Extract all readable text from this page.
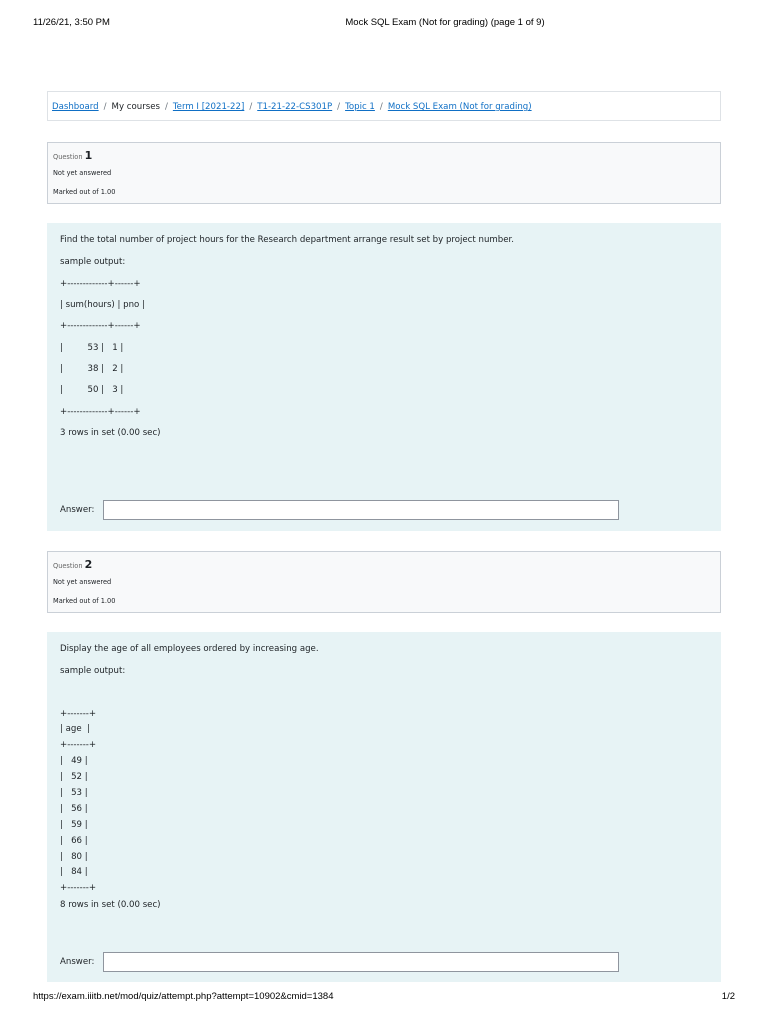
11/26/21, 3:50 PM	Mock SQL Exam (Not for grading) (page 1 of 9)
Dashboard / My courses / Term I [2021-22] / T1-21-22-CS301P / Topic 1 / Mock SQL Exam (Not for grading)
Question 1
Not yet answered
Marked out of 1.00
Find the total number of project hours for the Research department arrange result set by project number.
sample output:
+-------------+------+
| sum(hours) | pno |
+-------------+------+
|         53 |   1 |
|         38 |   2 |
|         50 |   3 |
+-------------+------+
3 rows in set (0.00 sec)
Answer:
Question 2
Not yet answered
Marked out of 1.00
Display the age of all employees ordered by increasing age.
sample output:
+-------+
| age  |
+-------+
|   49 |
|   52 |
|   53 |
|   56 |
|   59 |
|   66 |
|   80 |
|   84 |
+-------+
8 rows in set (0.00 sec)
Answer:
https://exam.iiitb.net/mod/quiz/attempt.php?attempt=10902&cmid=1384	1/2
